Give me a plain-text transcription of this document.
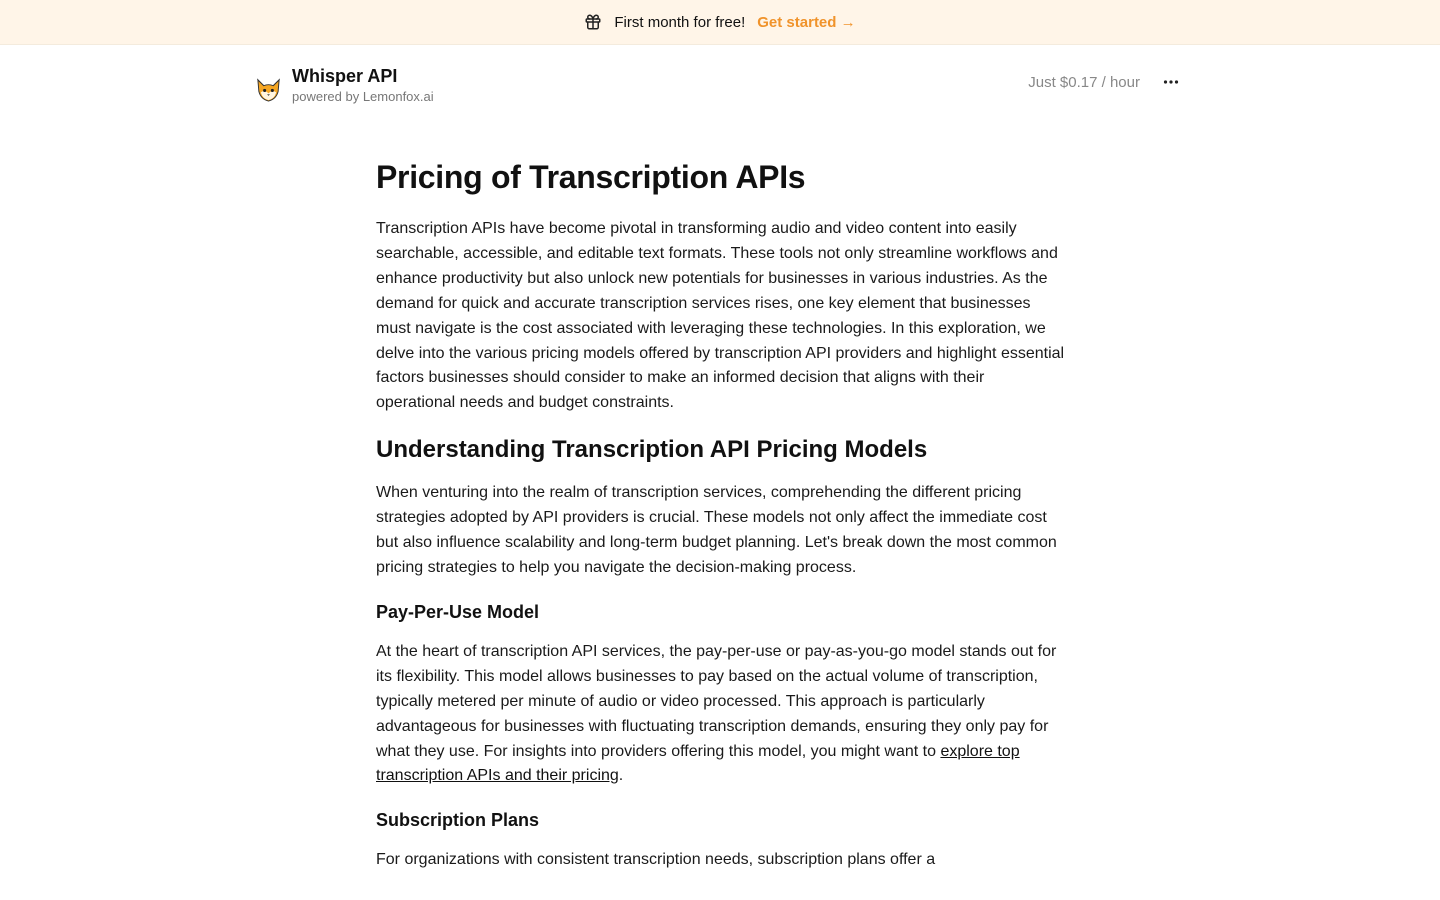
First month for free! Get started →
Whisper API
powered by Lemonfox.ai
Just $0.17 / hour
Pricing of Transcription APIs

Transcription APIs have become pivotal in transforming audio and video content into easily searchable, accessible, and editable text formats. These tools not only streamline workflows and enhance productivity but also unlock new potentials for businesses in various industries. As the demand for quick and accurate transcription services rises, one key element that businesses must navigate is the cost associated with leveraging these technologies. In this exploration, we delve into the various pricing models offered by transcription API providers and highlight essential factors businesses should consider to make an informed decision that aligns with their operational needs and budget constraints.

Understanding Transcription API Pricing Models

When venturing into the realm of transcription services, comprehending the different pricing strategies adopted by API providers is crucial. These models not only affect the immediate cost but also influence scalability and long-term budget planning. Let's break down the most common pricing strategies to help you navigate the decision-making process.

Pay-Per-Use Model

At the heart of transcription API services, the pay-per-use or pay-as-you-go model stands out for its flexibility. This model allows businesses to pay based on the actual volume of transcription, typically metered per minute of audio or video processed. This approach is particularly advantageous for businesses with fluctuating transcription demands, ensuring they only pay for what they use. For insights into providers offering this model, you might want to explore top transcription APIs and their pricing.

Subscription Plans

For organizations with consistent transcription needs, subscription plans offer a
